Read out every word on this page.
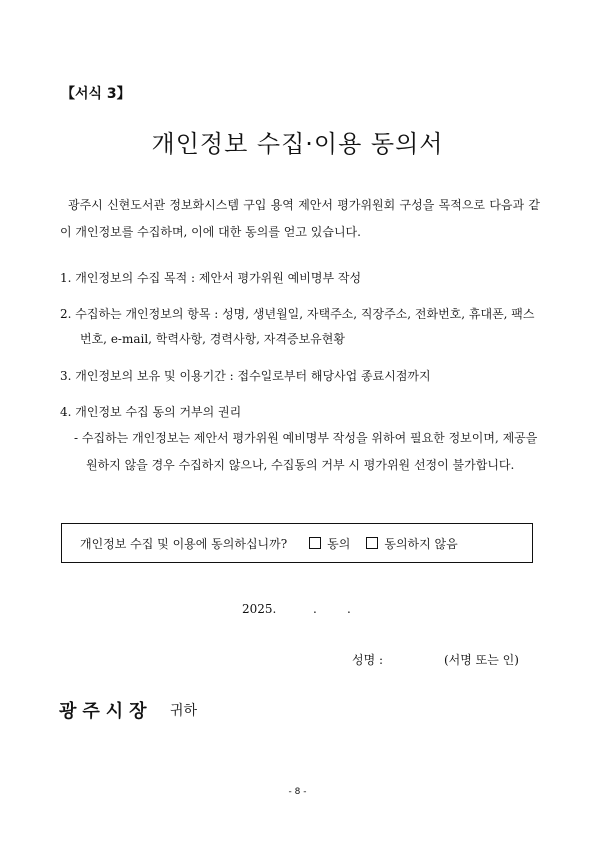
【서식 3】
개인정보 수집·이용 동의서

광주시 신현도서관 정보화시스템 구입 용역 제안서 평가위원회 구성을 목적으로 다음과 같이 개인정보를 수집하며, 이에 대한 동의를 얻고 있습니다.

1. 개인정보의 수집 목적 : 제안서 평가위원 예비명부 작성
2. 수집하는 개인정보의 항목 : 성명, 생년월일, 자택주소, 직장주소, 전화번호, 휴대폰, 팩스번호, e-mail, 학력사항, 경력사항, 자격증보유현황
3. 개인정보의 보유 및 이용기간 : 접수일로부터 해당사업 종료시점까지
4. 개인정보 수집 동의 거부의 권리
- 수집하는 개인정보는 제안서 평가위원 예비명부 작성을 위하여 필요한 정보이며, 제공을 원하지 않을 경우 수집하지 않으나, 수집동의 거부 시 평가위원 선정이 불가합니다.
개인정보 수집 및 이용에 동의하십니까?	동의	동의하지 않음
2025.	.	.
성명 :	(서명 또는 인)
광주시장 귀하
- 8 -
